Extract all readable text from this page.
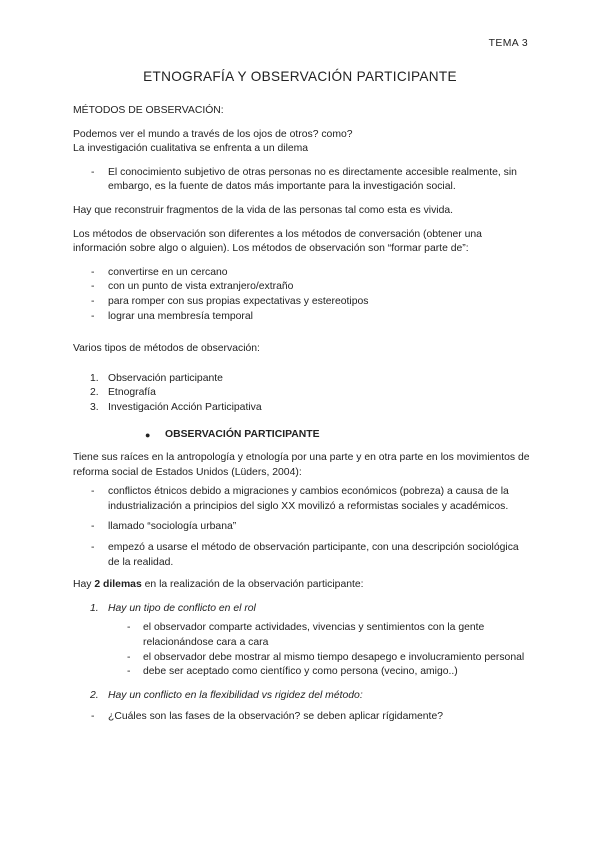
TEMA 3
ETNOGRAFÍA Y OBSERVACIÓN PARTICIPANTE

MÉTODOS DE OBSERVACIÓN:

Podemos ver el mundo a través de los ojos de otros? como?

La investigación cualitativa se enfrenta a un dilema

- El conocimiento subjetivo de otras personas no es directamente accesible realmente, sin embargo, es la fuente de datos más importante para la investigación social.

Hay que reconstruir fragmentos de la vida de las personas tal como esta es vivida.

Los métodos de observación son diferentes a los métodos de conversación (obtener una información sobre algo o alguien). Los métodos de observación son “formar parte de”:

- convertirse en un cercano
- con un punto de vista extranjero/extraño
- para romper con sus propias expectativas y estereotipos
- lograr una membresía temporal

Varios tipos de métodos de observación:

1. Observación participante
2. Etnografía
3. Investigación Acción Participativa
●	OBSERVACIÓN PARTICIPANTE

Tiene sus raíces en la antropología y etnología por una parte y en otra parte en los movimientos de reforma social de Estados Unidos (Lüders, 2004):

- conflictos étnicos debido a migraciones y cambios económicos (pobreza) a causa de la industrialización a principios del siglo XX movilizó a reformistas sociales y académicos.
- llamado “sociología urbana”
- empezó a usarse el método de observación participante, con una descripción sociológica de la realidad.

Hay 2 dilemas en la realización de la observación participante:

1. Hay un tipo de conflicto en el rol
- el observador comparte actividades, vivencias y sentimientos con la gente relacionándose cara a cara
- el observador debe mostrar al mismo tiempo desapego e involucramiento personal
- debe ser aceptado como científico y como persona (vecino, amigo..)
2. Hay un conflicto en la flexibilidad vs rigidez del método:
- ¿Cuáles son las fases de la observación? se deben aplicar rígidamente?
